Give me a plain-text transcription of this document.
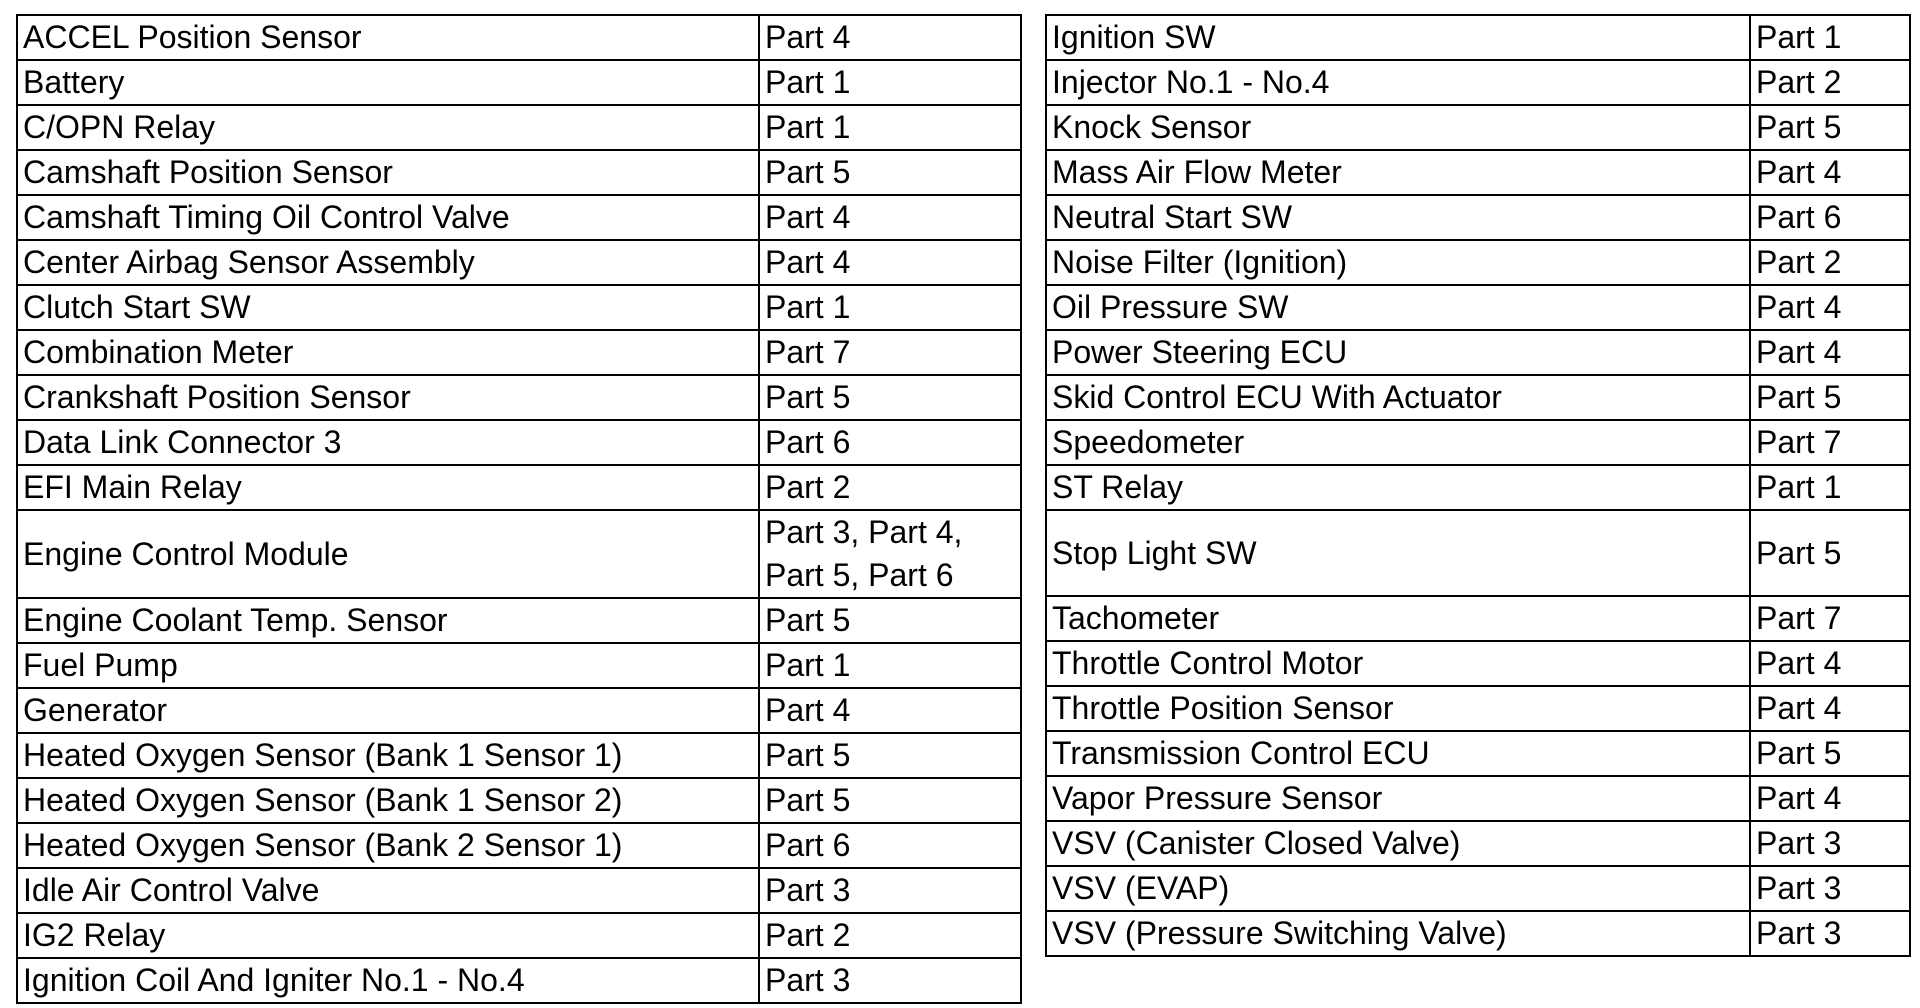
ACCEL Position Sensor	Part 4
Battery	Part 1
C/OPN Relay	Part 1
Camshaft Position Sensor	Part 5
Camshaft Timing Oil Control Valve	Part 4
Center Airbag Sensor Assembly	Part 4
Clutch Start SW	Part 1
Combination Meter	Part 7
Crankshaft Position Sensor	Part 5
Data Link Connector 3	Part 6
EFI Main Relay	Part 2
Engine Control Module	Part 3, Part 4, Part 5, Part 6
Engine Coolant Temp. Sensor	Part 5
Fuel Pump	Part 1
Generator	Part 4
Heated Oxygen Sensor (Bank 1 Sensor 1)	Part 5
Heated Oxygen Sensor (Bank 1 Sensor 2)	Part 5
Heated Oxygen Sensor (Bank 2 Sensor 1)	Part 6
Idle Air Control Valve	Part 3
IG2 Relay	Part 2
Ignition Coil And Igniter No.1 - No.4	Part 3
Ignition SW	Part 1
Injector No.1 - No.4	Part 2
Knock Sensor	Part 5
Mass Air Flow Meter	Part 4
Neutral Start SW	Part 6
Noise Filter (Ignition)	Part 2
Oil Pressure SW	Part 4
Power Steering ECU	Part 4
Skid Control ECU With Actuator	Part 5
Speedometer	Part 7
ST Relay	Part 1
Stop Light SW	Part 5
Tachometer	Part 7
Throttle Control Motor	Part 4
Throttle Position Sensor	Part 4
Transmission Control ECU	Part 5
Vapor Pressure Sensor	Part 4
VSV (Canister Closed Valve)	Part 3
VSV (EVAP)	Part 3
VSV (Pressure Switching Valve)	Part 3
